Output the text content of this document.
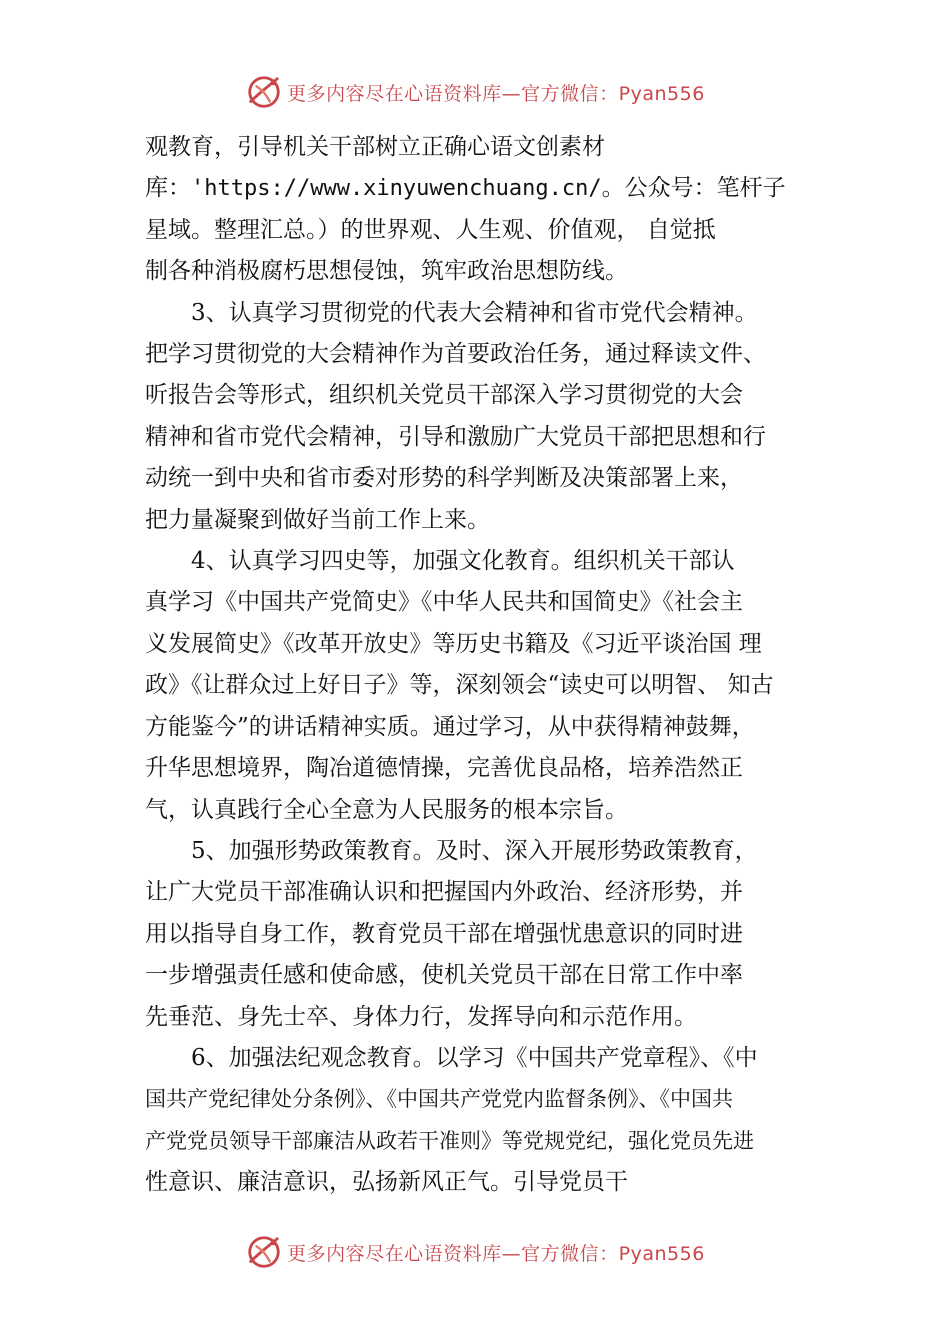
更多内容尽在心语资料库—官方微信：Pyan556

观教育，引导机关干部树立正确心语文创素材
库：'https://www.xinyuwenchuang.cn/。公众号：笔杆子
星域。整理汇总。）的世界观、人生观、价值观， 自觉抵
制各种消极腐朽思想侵蚀，筑牢政治思想防线。

3、认真学习贯彻党的代表大会精神和省市党代会精神。
把学习贯彻党的大会精神作为首要政治任务，通过释读文件、
听报告会等形式，组织机关党员干部深入学习贯彻党的大会
精神和省市党代会精神，引导和激励广大党员干部把思想和行
动统一到中央和省市委对形势的科学判断及决策部署上来，
把力量凝聚到做好当前工作上来。

4、认真学习四史等，加强文化教育。组织机关干部认
真学习《中国共产党简史》《中华人民共和国简史》《社会主
义发展简史》《改革开放史》等历史书籍及《习近平谈治国 理
政》《让群众过上好日子》等，深刻领会“读史可以明智、 知古
方能鉴今”的讲话精神实质。通过学习，从中获得精神鼓舞，
升华思想境界，陶冶道德情操，完善优良品格，培养浩然正
气，认真践行全心全意为人民服务的根本宗旨。

5、加强形势政策教育。及时、深入开展形势政策教育，
让广大党员干部准确认识和把握国内外政治、经济形势，并
用以指导自身工作，教育党员干部在增强忧患意识的同时进
一步增强责任感和使命感，使机关党员干部在日常工作中率
先垂范、身先士卒、身体力行，发挥导向和示范作用。

6、加强法纪观念教育。以学习《中国共产党章程》、《中
国共产党纪律处分条例》、《中国共产党党内监督条例》、《中国共
产党党员领导干部廉洁从政若干准则》等党规党纪，强化党员先进
性意识、廉洁意识，弘扬新风正气。引导党员干

更多内容尽在心语资料库—官方微信：Pyan556
